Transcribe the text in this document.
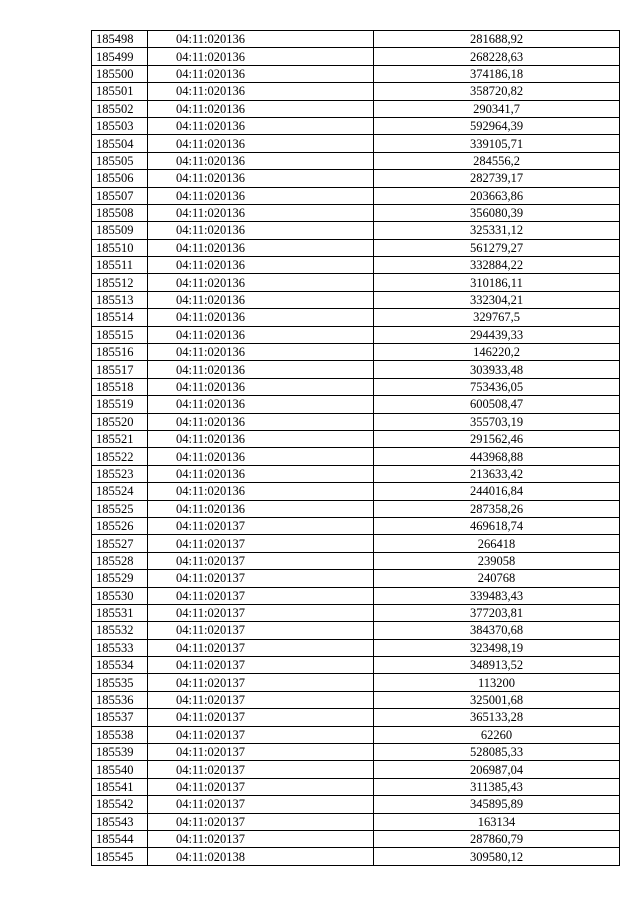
185498	04:11:020136	281688,92
185499	04:11:020136	268228,63
185500	04:11:020136	374186,18
185501	04:11:020136	358720,82
185502	04:11:020136	290341,7
185503	04:11:020136	592964,39
185504	04:11:020136	339105,71
185505	04:11:020136	284556,2
185506	04:11:020136	282739,17
185507	04:11:020136	203663,86
185508	04:11:020136	356080,39
185509	04:11:020136	325331,12
185510	04:11:020136	561279,27
185511	04:11:020136	332884,22
185512	04:11:020136	310186,11
185513	04:11:020136	332304,21
185514	04:11:020136	329767,5
185515	04:11:020136	294439,33
185516	04:11:020136	146220,2
185517	04:11:020136	303933,48
185518	04:11:020136	753436,05
185519	04:11:020136	600508,47
185520	04:11:020136	355703,19
185521	04:11:020136	291562,46
185522	04:11:020136	443968,88
185523	04:11:020136	213633,42
185524	04:11:020136	244016,84
185525	04:11:020136	287358,26
185526	04:11:020137	469618,74
185527	04:11:020137	266418
185528	04:11:020137	239058
185529	04:11:020137	240768
185530	04:11:020137	339483,43
185531	04:11:020137	377203,81
185532	04:11:020137	384370,68
185533	04:11:020137	323498,19
185534	04:11:020137	348913,52
185535	04:11:020137	113200
185536	04:11:020137	325001,68
185537	04:11:020137	365133,28
185538	04:11:020137	62260
185539	04:11:020137	528085,33
185540	04:11:020137	206987,04
185541	04:11:020137	311385,43
185542	04:11:020137	345895,89
185543	04:11:020137	163134
185544	04:11:020137	287860,79
185545	04:11:020138	309580,12
